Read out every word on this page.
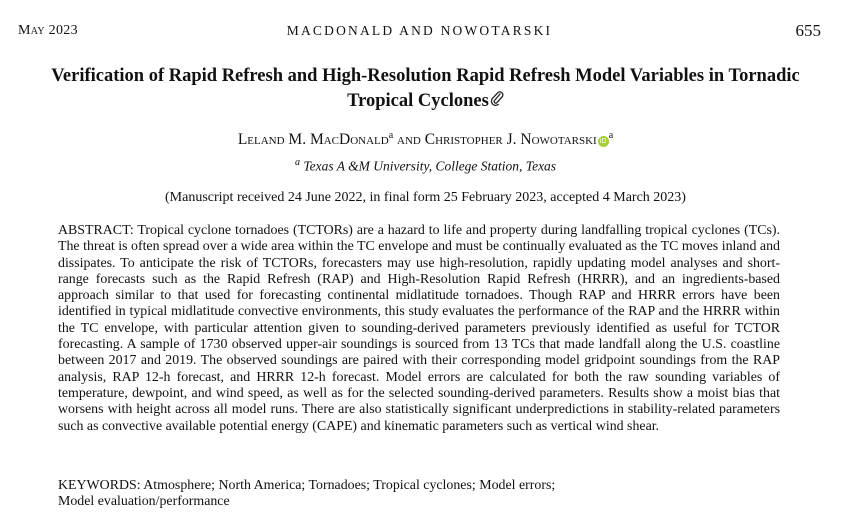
May 2023	MACDONALD AND NOWOTARSKI	655
Verification of Rapid Refresh and High-Resolution Rapid Refresh Model Variables in Tornadic Tropical Cyclones
Leland M. MacDonald$^a$ and Christopher J. Nowotarski $iD^a$
$^a$ Texas A &M University, College Station, Texas
(Manuscript received 24 June 2022, in final form 25 February 2023, accepted 4 March 2023)
ABSTRACT: Tropical cyclone tornadoes (TCTORs) are a hazard to life and property during landfalling tropical cyclones (TCs). The threat is often spread over a wide area within the TC envelope and must be continually evaluated as the TC moves inland and dissipates. To anticipate the risk of TCTORs, forecasters may use high-resolution, rapidly updating model analyses and short-range forecasts such as the Rapid Refresh (RAP) and High-Resolution Rapid Refresh (HRRR), and an ingredients-based approach similar to that used for forecasting continental midlatitude tornadoes. Though RAP and HRRR errors have been identified in typical midlatitude convective environments, this study evaluates the performance of the RAP and the HRRR within the TC envelope, with particular attention given to sounding-derived parameters previously identified as useful for TCTOR forecasting. A sample of 1730 observed upper-air soundings is sourced from 13 TCs that made landfall along the U.S. coastline between 2017 and 2019. The observed soundings are paired with their corresponding model gridpoint soundings from the RAP analysis, RAP 12-h forecast, and HRRR 12-h forecast. Model errors are calculated for both the raw sounding variables of temperature, dewpoint, and wind speed, as well as for the selected sounding-derived parameters. Results show a moist bias that worsens with height across all model runs. There are also statistically significant underpredictions in stability-related parameters such as convective available potential energy (CAPE) and kinematic parameters such as vertical wind shear.
KEYWORDS: Atmosphere; North America; Tornadoes; Tropical cyclones; Model errors;
Model evaluation/performance
